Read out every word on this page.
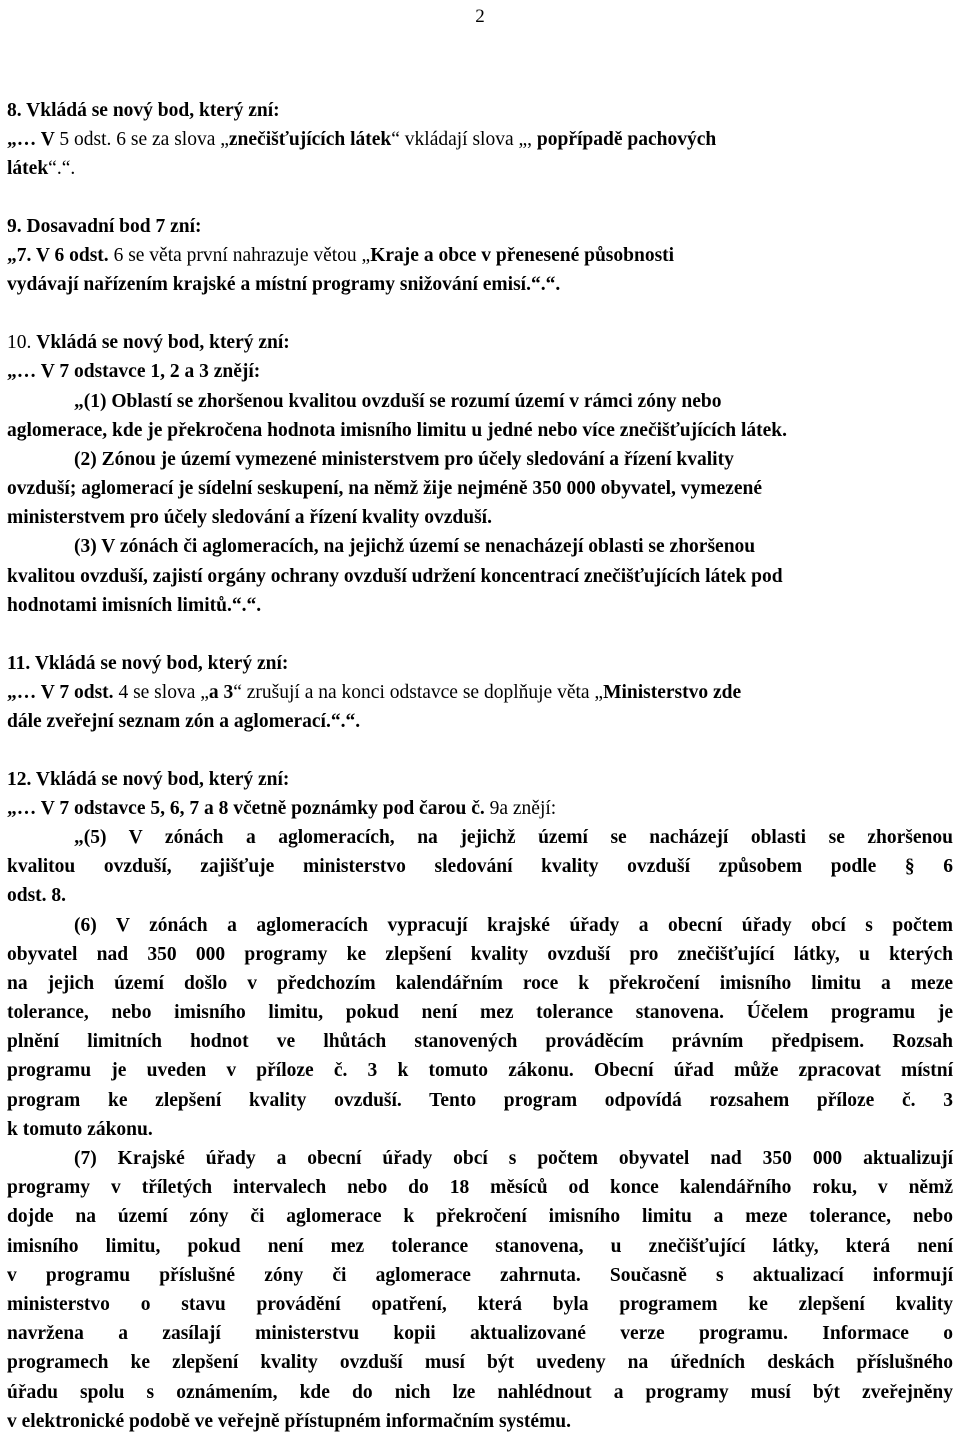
2
8. Vkládá se nový bod, který zní:
„… V 5 odst. 6 se za slova „znečišťujících látek“ vkládají slova „, popřípadě pachových
látek“.“.
9. Dosavadní bod 7 zní:
„7. V 6 odst. 6 se věta první nahrazuje větou „Kraje a obce v přenesené působnosti
vydávají nařízením krajské a místní programy snižování emisí.“.“.
10. Vkládá se nový bod, který zní:
„… V 7 odstavce 1, 2 a 3 znějí:
„(1) Oblastí se zhoršenou kvalitou ovzduší se rozumí území v rámci zóny nebo
aglomerace, kde je překročena hodnota imisního limitu u jedné nebo více znečišťujících látek.
(2) Zónou je území vymezené ministerstvem pro účely sledování a řízení kvality
ovzduší; aglomerací je sídelní seskupení, na němž žije nejméně 350 000 obyvatel, vymezené
ministerstvem pro účely sledování a řízení kvality ovzduší.
(3) V zónách či aglomeracích, na jejichž území se nenacházejí oblasti se zhoršenou
kvalitou ovzduší, zajistí orgány ochrany ovzduší udržení koncentrací znečišťujících látek pod
hodnotami imisních limitů.“.“.
11. Vkládá se nový bod, který zní:
„… V 7 odst. 4 se slova „a 3“ zrušují a na konci odstavce se doplňuje věta „Ministerstvo zde
dále zveřejní seznam zón a aglomerací.“.“.
12. Vkládá se nový bod, který zní:
„… V 7 odstavce 5, 6, 7 a 8 včetně poznámky pod čarou č. 9a znějí:
„(5) V zónách a aglomeracích, na jejichž území se nacházejí oblasti se zhoršenou
kvalitou ovzduší, zajišťuje ministerstvo sledování kvality ovzduší způsobem podle § 6
odst. 8.
(6) V zónách a aglomeracích vypracují krajské úřady a obecní úřady obcí s počtem
obyvatel nad 350 000 programy ke zlepšení kvality ovzduší pro znečišťující látky, u kterých
na jejich území došlo v předchozím kalendářním roce k překročení imisního limitu a meze
tolerance, nebo imisního limitu, pokud není mez tolerance stanovena. Účelem programu je
plnění limitních hodnot ve lhůtách stanovených prováděcím právním předpisem. Rozsah
programu je uveden v příloze č. 3 k tomuto zákonu. Obecní úřad může zpracovat místní
program ke zlepšení kvality ovzduší. Tento program odpovídá rozsahem příloze č. 3
k tomuto zákonu.
(7) Krajské úřady a obecní úřady obcí s počtem obyvatel nad 350 000 aktualizují
programy v tříletých intervalech nebo do 18 měsíců od konce kalendářního roku, v němž
dojde na území zóny či aglomerace k překročení imisního limitu a meze tolerance, nebo
imisního limitu, pokud není mez tolerance stanovena, u znečišťující látky, která není
v programu příslušné zóny či aglomerace zahrnuta. Současně s aktualizací informují
ministerstvo o stavu provádění opatření, která byla programem ke zlepšení kvality
navržena a zasílají ministerstvu kopii aktualizované verze programu. Informace o
programech ke zlepšení kvality ovzduší musí být uvedeny na úředních deskách příslušného
úřadu spolu s oznámením, kde do nich lze nahlédnout a programy musí být zveřejněny
v elektronické podobě ve veřejně přístupném informačním systému.
